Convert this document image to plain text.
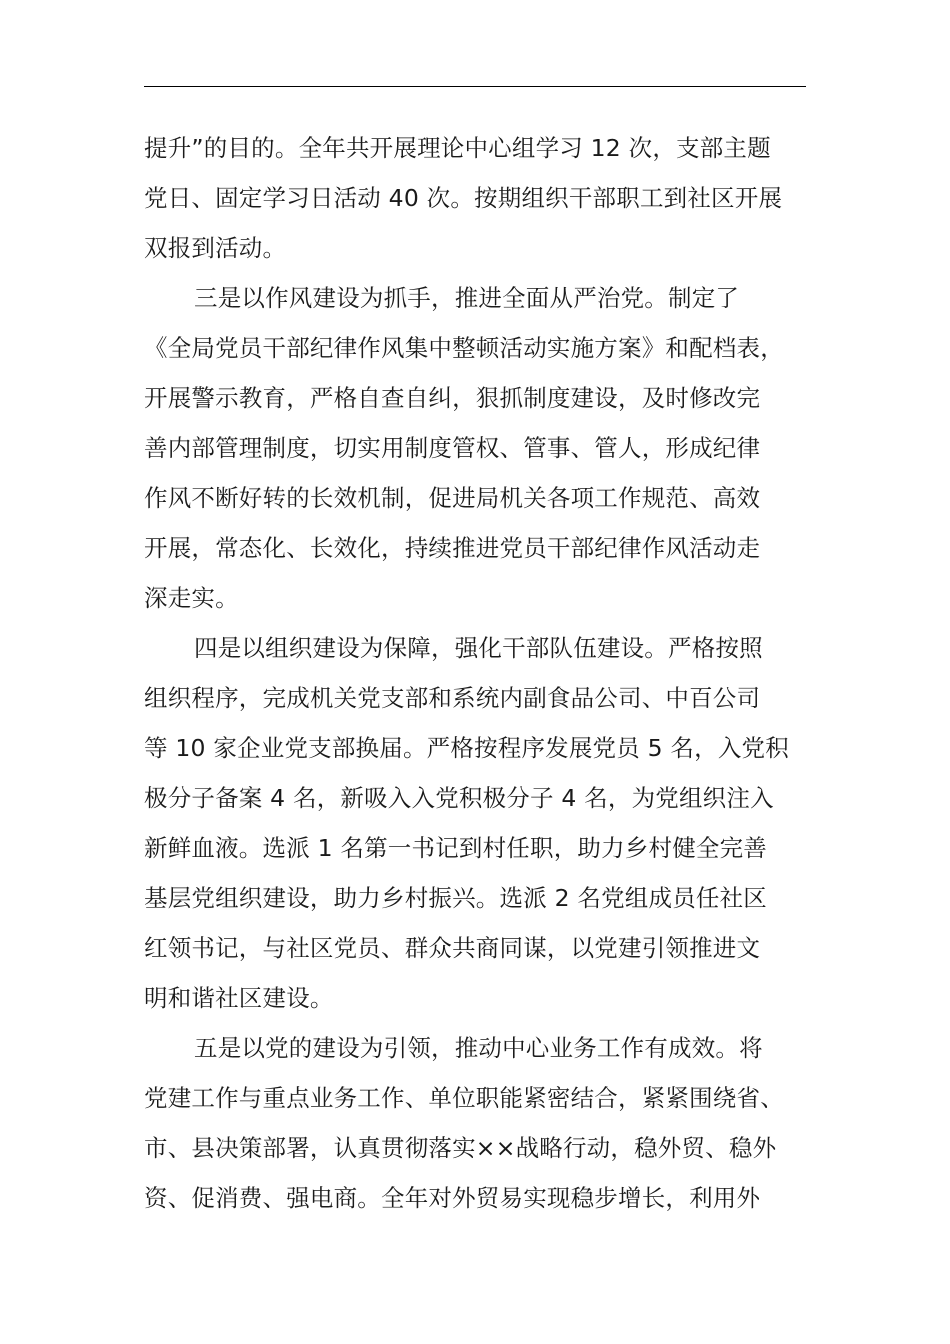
提升”的目的。全年共开展理论中心组学习 12 次，支部主题
党日、固定学习日活动 40 次。按期组织干部职工到社区开展
双报到活动。
三是以作风建设为抓手，推进全面从严治党。制定了
《全局党员干部纪律作风集中整顿活动实施方案》和配档表，
开展警示教育，严格自查自纠，狠抓制度建设，及时修改完
善内部管理制度，切实用制度管权、管事、管人，形成纪律
作风不断好转的长效机制，促进局机关各项工作规范、高效
开展，常态化、长效化，持续推进党员干部纪律作风活动走
深走实。
四是以组织建设为保障，强化干部队伍建设。严格按照
组织程序，完成机关党支部和系统内副食品公司、中百公司
等 10 家企业党支部换届。严格按程序发展党员 5 名，入党积
极分子备案 4 名，新吸入入党积极分子 4 名，为党组织注入
新鲜血液。选派 1 名第一书记到村任职，助力乡村健全完善
基层党组织建设，助力乡村振兴。选派 2 名党组成员任社区
红领书记，与社区党员、群众共商同谋，以党建引领推进文
明和谐社区建设。
五是以党的建设为引领，推动中心业务工作有成效。将
党建工作与重点业务工作、单位职能紧密结合，紧紧围绕省、
市、县决策部署，认真贯彻落实××战略行动，稳外贸、稳外
资、促消费、强电商。全年对外贸易实现稳步增长，利用外
